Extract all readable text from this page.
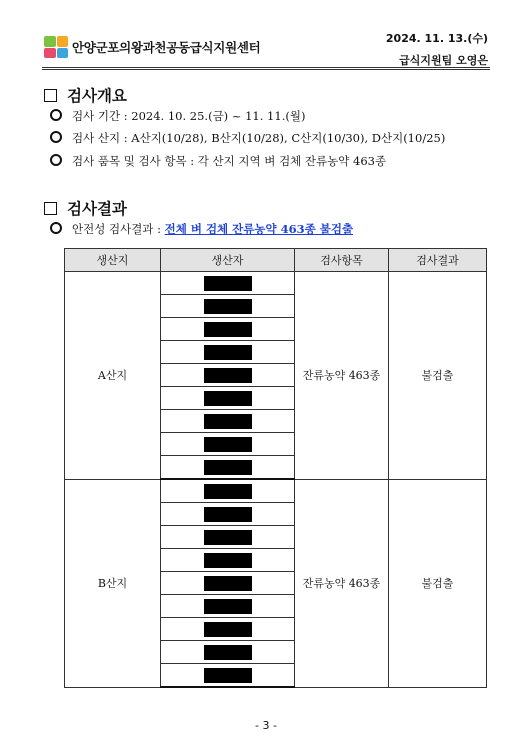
안양군포의왕과천공동급식지원센터
2024. 11. 13.(수)
급식지원팀 오영은
검사개요
검사 기간 : 2024. 10. 25.(금) ~ 11. 11.(월)
검사 산지 : A산지(10/28), B산지(10/28), C산지(10/30), D산지(10/25)
검사 품목 및 검사 항목 : 각 산지 지역 벼 검체 잔류농약 463종
검사결과
안전성 검사결과 : 전체 벼 검체 잔류농약 463종 불검출
생산지	생산자	검사항목	검사결과
A산지		잔류농약 463종	불검출

B산지		잔류농약 463종	불검출

- 3 -
